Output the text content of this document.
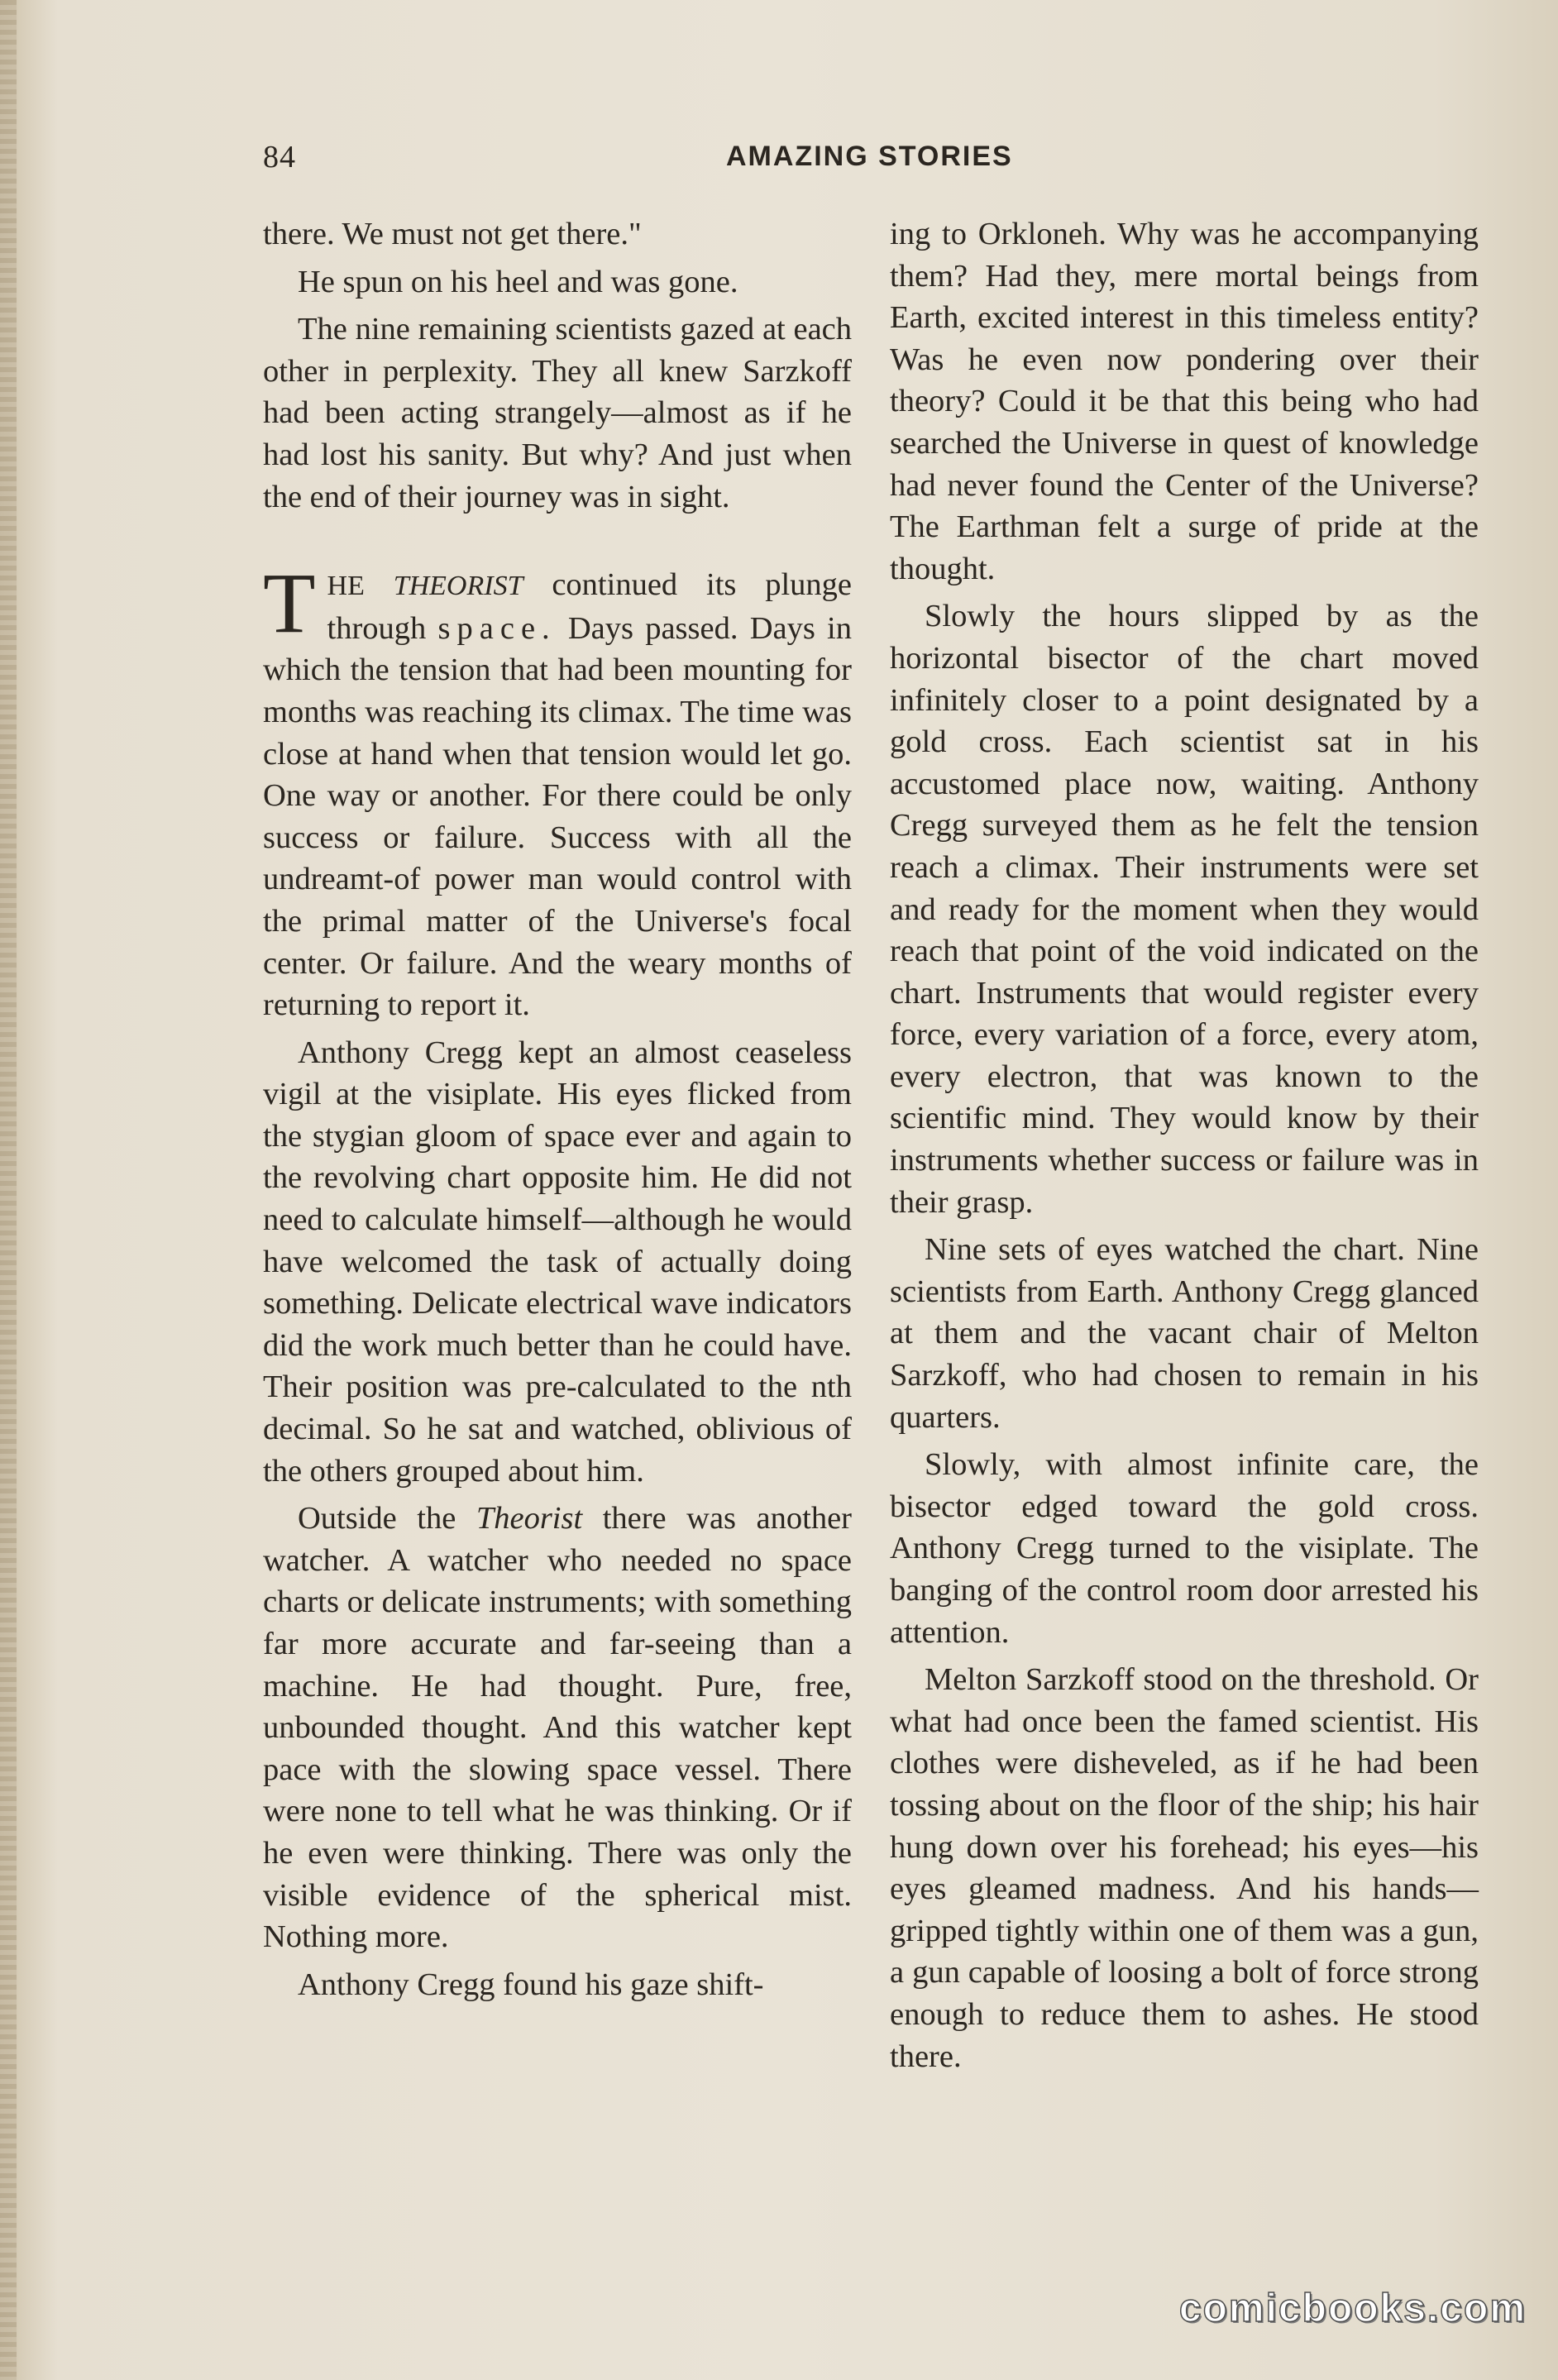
84	AMAZING STORIES

there. We must not get there."

He spun on his heel and was gone.

The nine remaining scientists gazed at each other in perplexity. They all knew Sarzkoff had been acting strangely—almost as if he had lost his sanity. But why? And just when the end of their journey was in sight.

THE THEORIST continued its plunge through space. Days passed. Days in which the tension that had been mounting for months was reaching its climax. The time was close at hand when that tension would let go. One way or another. For there could be only success or failure. Success with all the undreamt-of power man would control with the primal matter of the Universe's focal center. Or failure. And the weary months of returning to report it.

Anthony Cregg kept an almost ceaseless vigil at the visiplate. His eyes flicked from the stygian gloom of space ever and again to the revolving chart opposite him. He did not need to calculate himself—although he would have welcomed the task of actually doing something. Delicate electrical wave indicators did the work much better than he could have. Their position was pre-calculated to the nth decimal. So he sat and watched, oblivious of the others grouped about him.

Outside the Theorist there was another watcher. A watcher who needed no space charts or delicate instruments; with something far more accurate and far-seeing than a machine. He had thought. Pure, free, unbounded thought. And this watcher kept pace with the slowing space vessel. There were none to tell what he was thinking. Or if he even were thinking. There was only the visible evidence of the spherical mist. Nothing more.

Anthony Cregg found his gaze shift-

ing to Orkloneh. Why was he accompanying them? Had they, mere mortal beings from Earth, excited interest in this timeless entity? Was he even now pondering over their theory? Could it be that this being who had searched the Universe in quest of knowledge had never found the Center of the Universe? The Earthman felt a surge of pride at the thought.

Slowly the hours slipped by as the horizontal bisector of the chart moved infinitely closer to a point designated by a gold cross. Each scientist sat in his accustomed place now, waiting. Anthony Cregg surveyed them as he felt the tension reach a climax. Their instruments were set and ready for the moment when they would reach that point of the void indicated on the chart. Instruments that would register every force, every variation of a force, every atom, every electron, that was known to the scientific mind. They would know by their instruments whether success or failure was in their grasp.

Nine sets of eyes watched the chart. Nine scientists from Earth. Anthony Cregg glanced at them and the vacant chair of Melton Sarzkoff, who had chosen to remain in his quarters.

Slowly, with almost infinite care, the bisector edged toward the gold cross. Anthony Cregg turned to the visiplate. The banging of the control room door arrested his attention.

Melton Sarzkoff stood on the threshold. Or what had once been the famed scientist. His clothes were disheveled, as if he had been tossing about on the floor of the ship; his hair hung down over his forehead; his eyes—his eyes gleamed madness. And his hands—gripped tightly within one of them was a gun, a gun capable of loosing a bolt of force strong enough to reduce them to ashes. He stood there.

comicbooks.com
